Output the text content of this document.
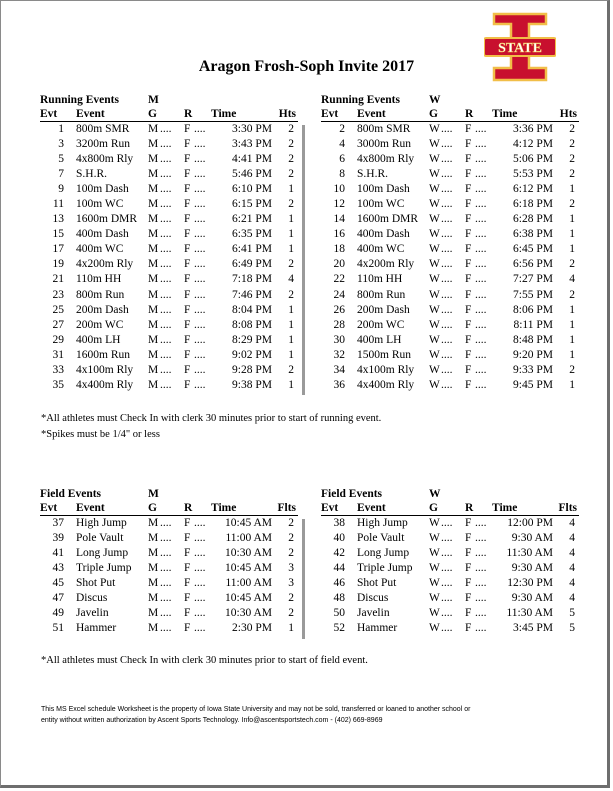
Aragon Frosh-Soph Invite 2017
STATE
Running Events	M
Evt	Event	G R Time	Hts
1 800m SMR M .... F ....	3:30 PM	2
3 3200m Run M .... F ....	3:43 PM	2
5 4x800m Rly M .... F ....	4:41 PM	2
7 S.H.R.	M .... F ....	5:46 PM	2
9 100m Dash M .... F ....	6:10 PM	1
11 100m WC M .... F ....	6:15 PM	2
13 1600m DMR M .... F ....	6:21 PM	1
15 400m Dash M .... F ....	6:35 PM	1
17 400m WC M .... F ....	6:41 PM	1
19 4x200m Rly M .... F ....	6:49 PM	2
21 110m HH M .... F ....	7:18 PM	4
23 800m Run M .... F ....	7:46 PM	2
25 200m Dash M .... F ....	8:04 PM	1
27 200m WC M .... F ....	8:08 PM	1
29 400m LH M .... F ....	8:29 PM	1
31 1600m Run M .... F ....	9:02 PM	1
33 4x100m Rly M .... F ....	9:28 PM	2
35 4x400m Rly M .... F ....	9:38 PM	1
Running Events	W
Evt	Event	G R Time	Hts
2 800m SMR W .... F ....	3:36 PM	2
4 3000m Run W .... F ....	4:12 PM	2
6 4x800m Rly W .... F ....	5:06 PM	2
8 S.H.R.	W .... F ....	5:53 PM	2
10 100m Dash W .... F ....	6:12 PM	1
12 100m WC W .... F ....	6:18 PM	2
14 1600m DMR W .... F ....	6:28 PM	1
16 400m Dash W .... F ....	6:38 PM	1
18 400m WC W .... F ....	6:45 PM	1
20 4x200m Rly W .... F ....	6:56 PM	2
22 110m HH W .... F ....	7:27 PM	4
24 800m Run W .... F ....	7:55 PM	2
26 200m Dash W .... F ....	8:06 PM	1
28 200m WC W .... F ....	8:11 PM	1
30 400m LH W .... F ....	8:48 PM	1
32 1500m Run W .... F ....	9:20 PM	1
34 4x100m Rly W .... F ....	9:33 PM	2
36 4x400m Rly W .... F ....	9:45 PM	1
*All athletes must Check In with clerk 30 minutes prior to start of running event.
*Spikes must be 1/4" or less
Field Events	M
Evt	Event	G R Time	Flts
37 High Jump M .... F ....	10:45 AM	2
39 Pole Vault M .... F ....	11:00 AM	2
41 Long Jump M .... F ....	10:30 AM	2
43 Triple Jump M .... F ....	10:45 AM	3
45 Shot Put	M .... F ....	11:00 AM	3
47 Discus	M .... F ....	10:45 AM	2
49 Javelin	M .... F ....	10:30 AM	2
51 Hammer	M .... F ....	2:30 PM	1
Field Events	W
Evt	Event	G R Time	Flts
38 High Jump W .... F ....	12:00 PM	4
40 Pole Vault W .... F ....	9:30 AM	4
42 Long Jump W .... F ....	11:30 AM	4
44 Triple Jump W .... F ....	9:30 AM	4
46 Shot Put	W .... F ....	12:30 PM	4
48 Discus	W .... F ....	9:30 AM	4
50 Javelin	W .... F ....	11:30 AM	5
52 Hammer	W .... F ....	3:45 PM	5
*All athletes must Check In with clerk 30 minutes prior to start of field event.
This MS Excel schedule Worksheet is the property of Iowa State University and may not be sold, transferred or loaned to another school or
entity without written authorization by Ascent Sports Technology. Info@ascentsportstech.com - (402) 669-8969
